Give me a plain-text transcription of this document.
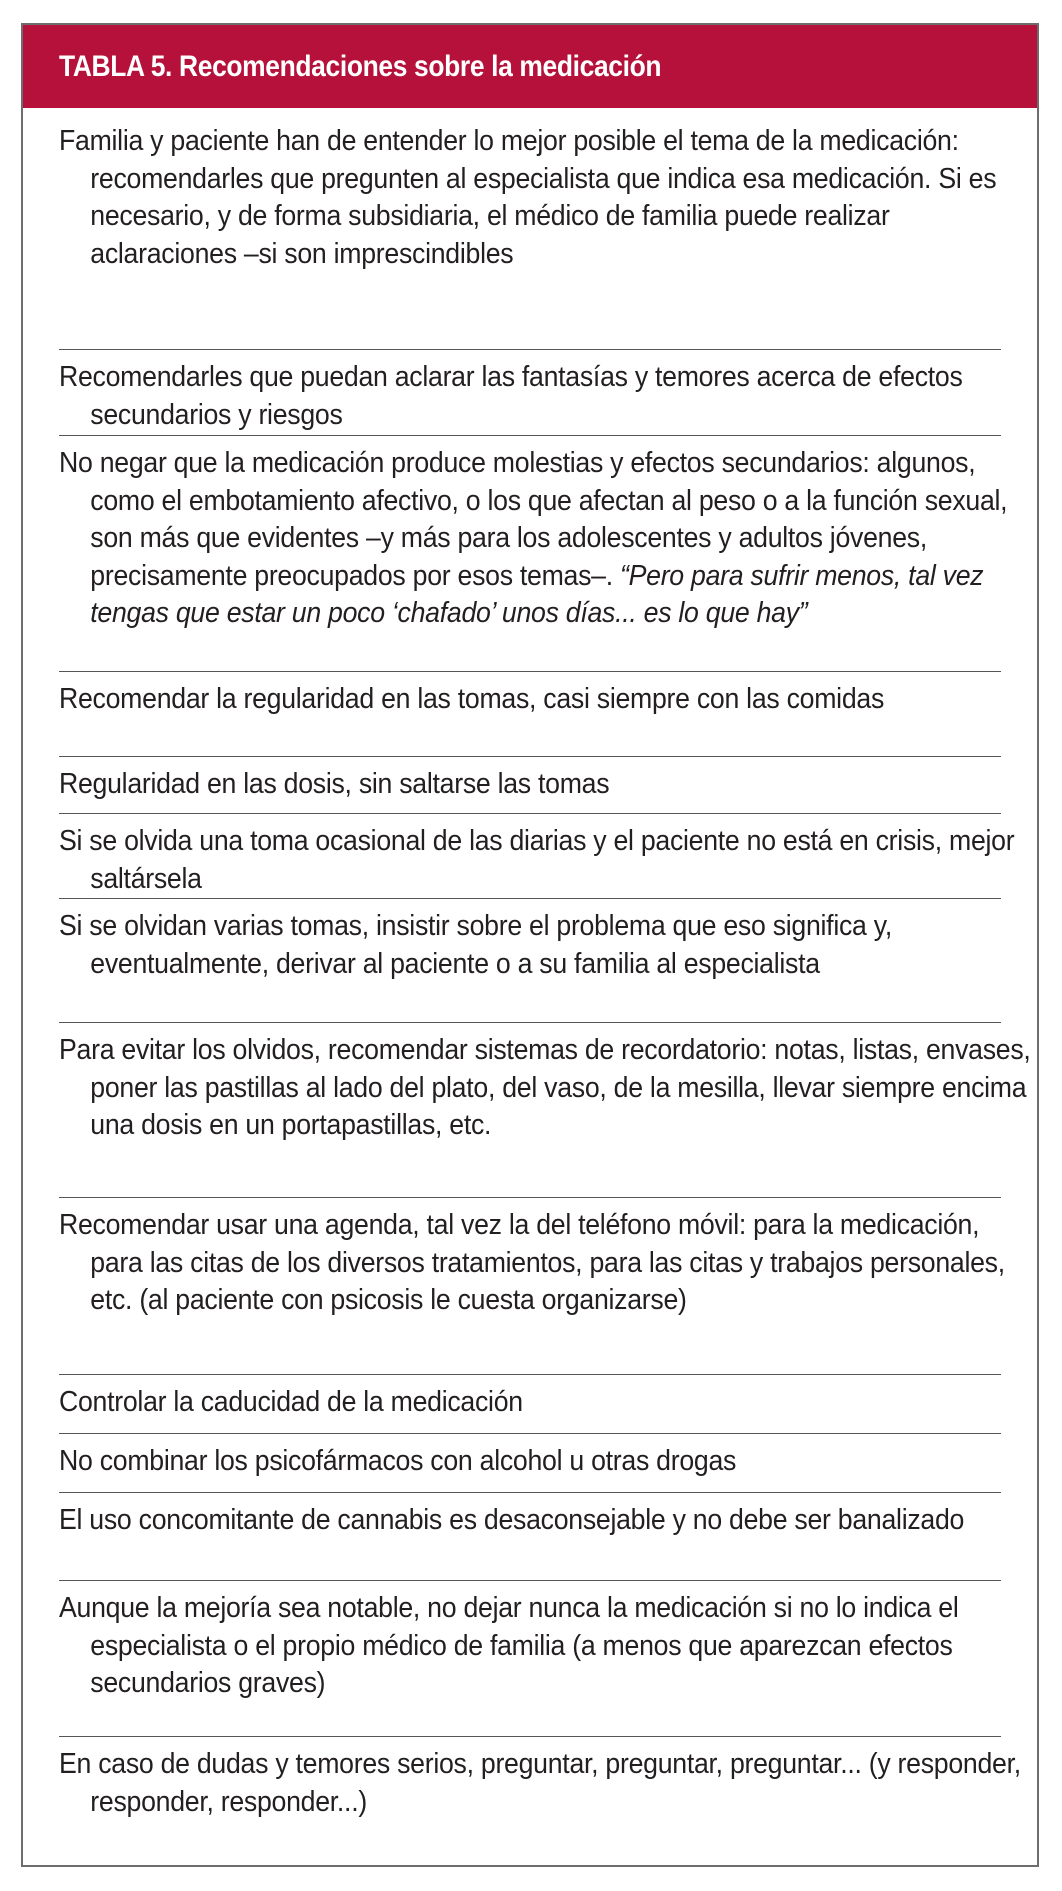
TABLA 5. Recomendaciones sobre la medicación
Familia y paciente han de entender lo mejor posible el tema de la medicación: recomendarles que pregunten al especialista que indica esa medicación. Si es necesario, y de forma subsidiaria, el médico de familia puede realizar aclaraciones –si son imprescindibles
Recomendarles que puedan aclarar las fantasías y temores acerca de efectos secundarios y riesgos
No negar que la medicación produce molestias y efectos secundarios: algunos, como el embotamiento afectivo, o los que afectan al peso o a la función sexual, son más que evidentes –y más para los adolescentes y adultos jóvenes, precisamente preocupados por esos temas–. “Pero para sufrir menos, tal vez tengas que estar un poco ‘chafado’ unos días... es lo que hay”
Recomendar la regularidad en las tomas, casi siempre con las comidas
Regularidad en las dosis, sin saltarse las tomas
Si se olvida una toma ocasional de las diarias y el paciente no está en crisis, mejor saltársela
Si se olvidan varias tomas, insistir sobre el problema que eso significa y, eventualmente, derivar al paciente o a su familia al especialista
Para evitar los olvidos, recomendar sistemas de recordatorio: notas, listas, envases, poner las pastillas al lado del plato, del vaso, de la mesilla, llevar siempre encima una dosis en un portapastillas, etc.
Recomendar usar una agenda, tal vez la del teléfono móvil: para la medicación, para las citas de los diversos tratamientos, para las citas y trabajos personales, etc. (al paciente con psicosis le cuesta organizarse)
Controlar la caducidad de la medicación
No combinar los psicofármacos con alcohol u otras drogas
El uso concomitante de cannabis es desaconsejable y no debe ser banalizado
Aunque la mejoría sea notable, no dejar nunca la medicación si no lo indica el especialista o el propio médico de familia (a menos que aparezcan efectos secundarios graves)
En caso de dudas y temores serios, preguntar, preguntar, preguntar... (y responder, responder, responder...)
